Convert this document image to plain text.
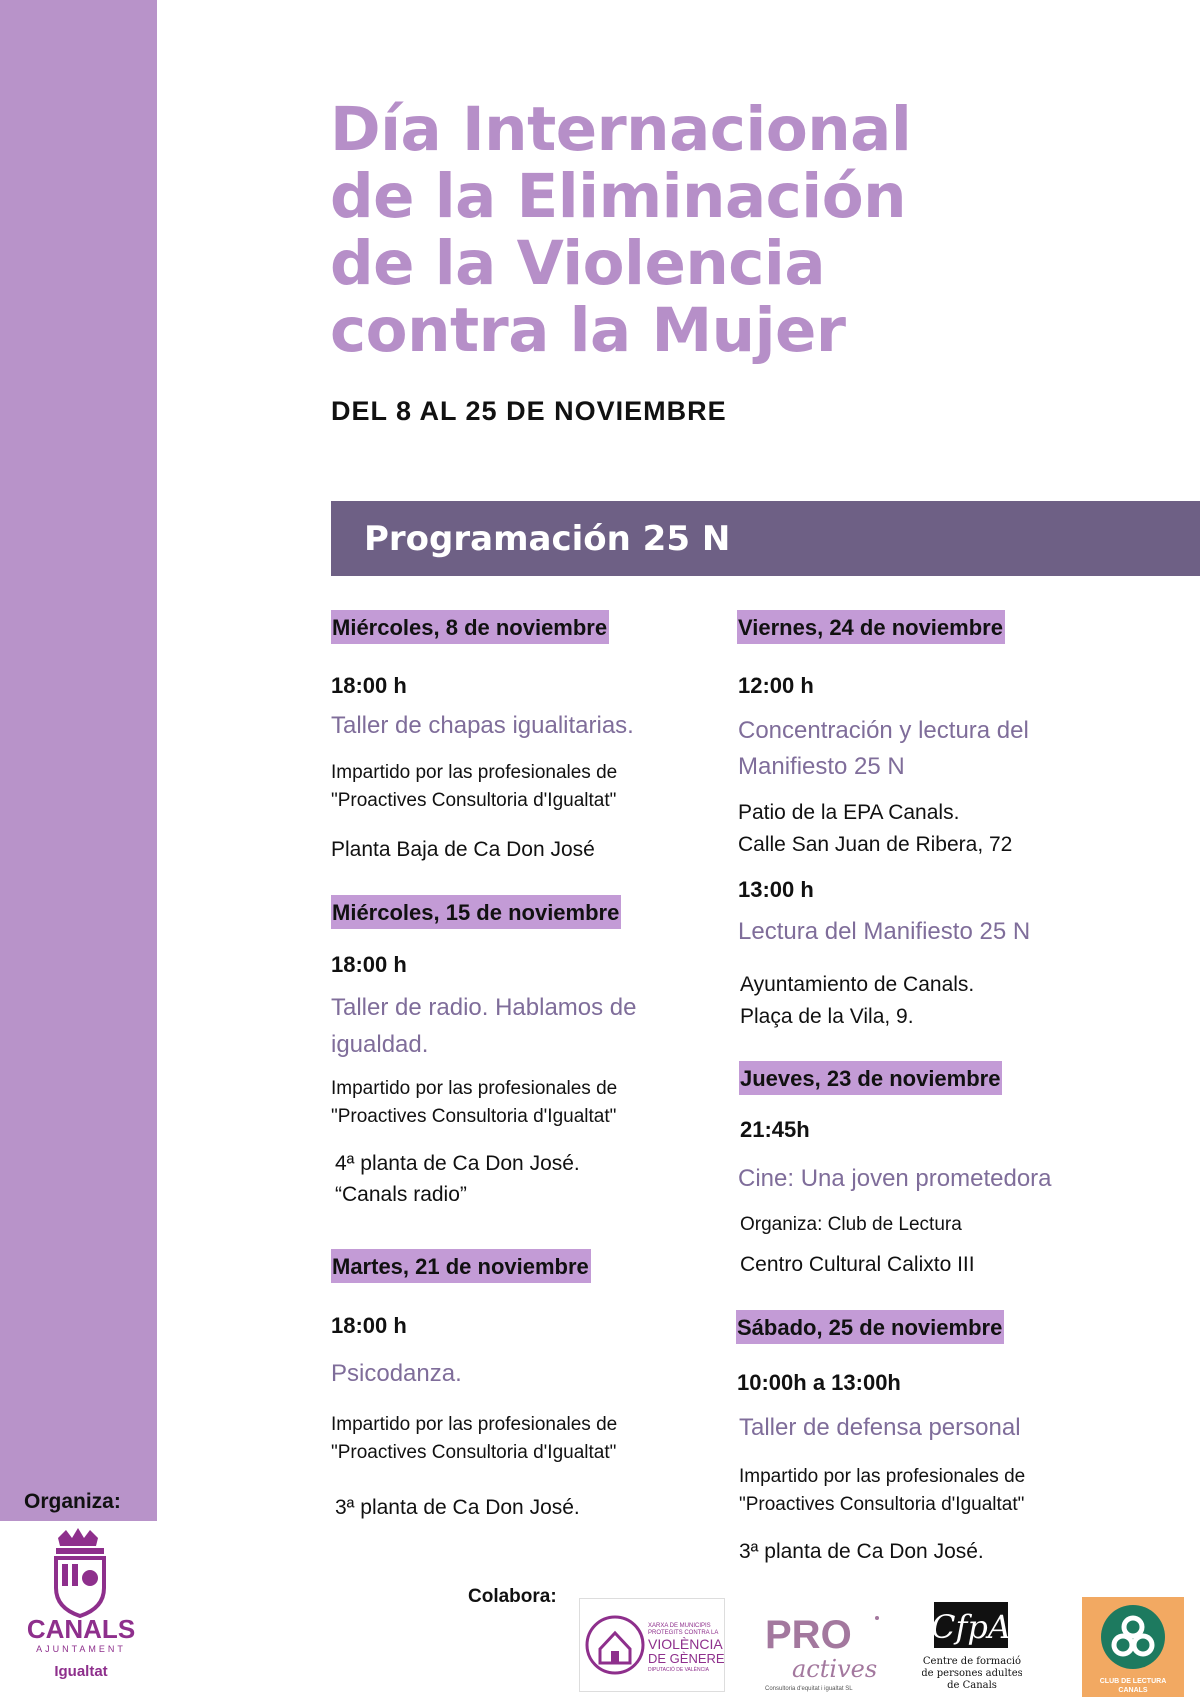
Día Internacional
de la Eliminación
de la Violencia
contra la Mujer
DEL 8 AL 25 DE NOVIEMBRE
Programación 25 N
Miércoles, 8 de noviembre
18:00 h
Taller de chapas igualitarias.
Impartido por las profesionales de
"Proactives Consultoria d'Igualtat"
Planta Baja de Ca Don José
Miércoles, 15 de noviembre
18:00 h
Taller de radio. Hablamos de
igualdad.
Impartido por las profesionales de
"Proactives Consultoria d'Igualtat"
4ª planta de Ca Don José.
“Canals radio”
Martes, 21 de noviembre
18:00 h
Psicodanza.
Impartido por las profesionales de
"Proactives Consultoria d'Igualtat"
3ª planta de Ca Don José.
Viernes, 24 de noviembre
12:00 h
Concentración y lectura del
Manifiesto 25 N
Patio de la EPA Canals.
Calle San Juan de Ribera, 72
13:00 h
Lectura del Manifiesto 25 N
Ayuntamiento de Canals.
Plaça de la Vila, 9.
Jueves, 23 de noviembre
21:45h
Cine: Una joven prometedora
Organiza: Club de Lectura
Centro Cultural Calixto III
Sábado, 25 de noviembre
10:00h a 13:00h
Taller de defensa personal
Impartido por las profesionales de
"Proactives Consultoria d'Igualtat"
3ª planta de Ca Don José.
Organiza:
CANALS
AJUNTAMENT
Igualtat
Colabora:
XARXA DE MUNICIPIS
PROTEGITS CONTRA LA
VIOLÈNCIA
DE GÈNERE
DIPUTACIÓ DE VALÈNCIA
PRO
actives
Consultoria d'equitat i igualtat SL
CfpA
Centre de formació
de persones adultes
de Canals	CLUB DE LECTURA
CANALS
